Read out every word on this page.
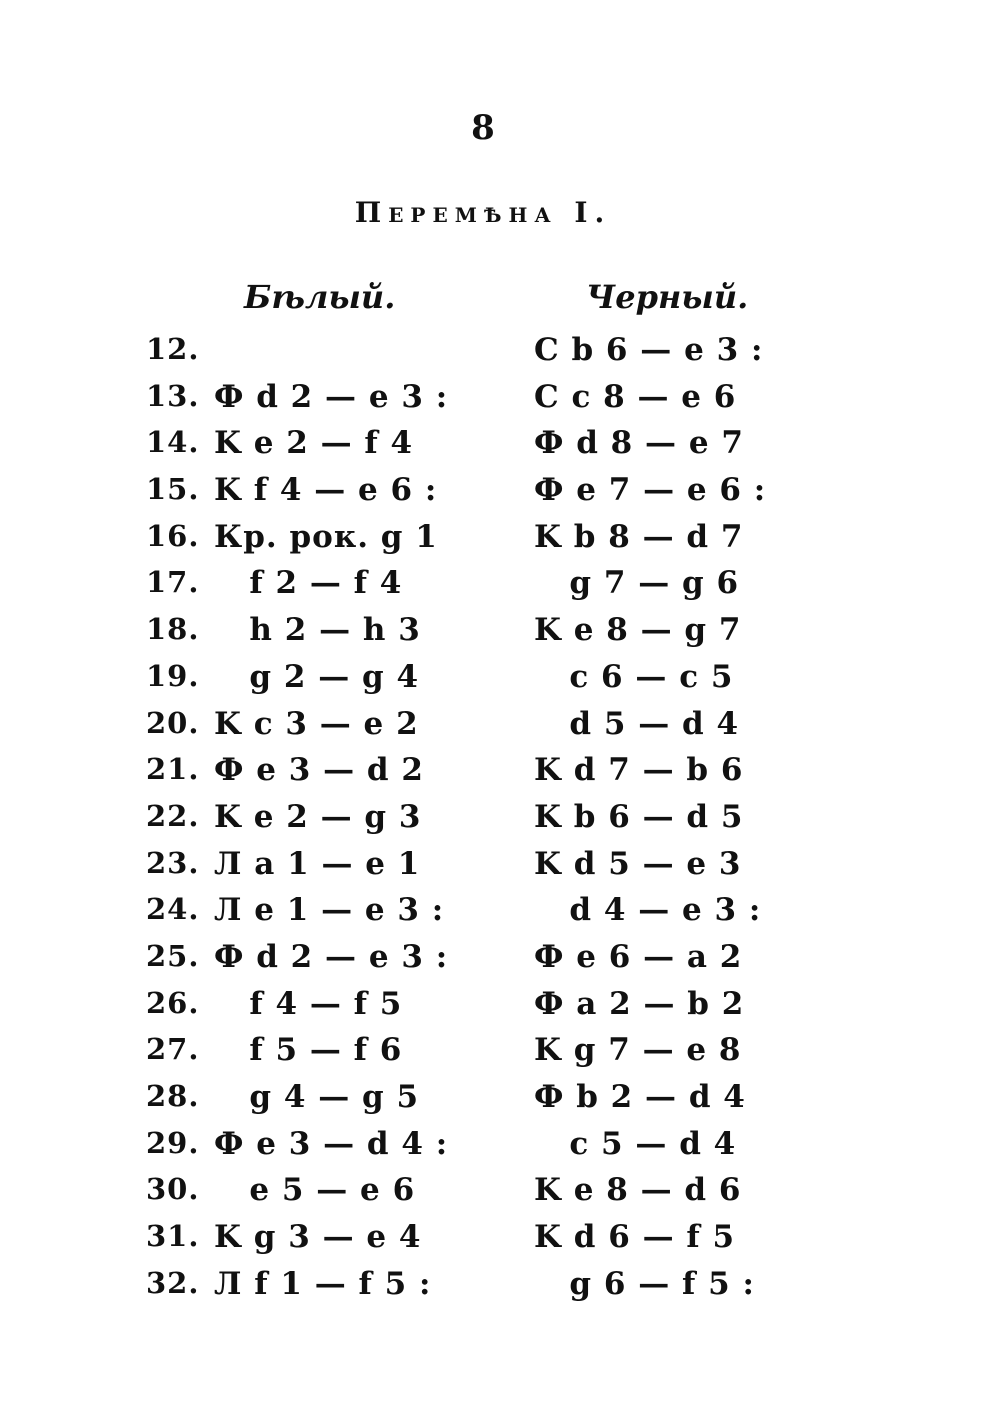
8
Перемѣна I.
Бѣлый.	Черный.
12.	C b 6 — e 3 :
13. Ф d 2 — e 3 :	C c 8 — e 6
14. K e 2 — f 4	Ф d 8 — e 7
15. K f 4 — e 6 :	Ф e 7 — e 6 :
16. Кр. рок. g 1	K b 8 — d 7
17. f 2 — f 4	g 7 — g 6
18. h 2 — h 3	K e 8 — g 7
19. g 2 — g 4	c 6 — c 5
20. K c 3 — e 2	d 5 — d 4
21. Ф e 3 — d 2	K d 7 — b 6
22. K e 2 — g 3	K b 6 — d 5
23. Л a 1 — e 1	K d 5 — e 3
24. Л e 1 — e 3 :	d 4 — e 3 :
25. Ф d 2 — e 3 :	Ф e 6 — a 2
26. f 4 — f 5	Ф a 2 — b 2
27. f 5 — f 6	K g 7 — e 8
28. g 4 — g 5	Ф b 2 — d 4
29. Ф e 3 — d 4 :	c 5 — d 4
30. e 5 — e 6	K e 8 — d 6
31. K g 3 — e 4	K d 6 — f 5
32. Л f 1 — f 5 :	g 6 — f 5 :
